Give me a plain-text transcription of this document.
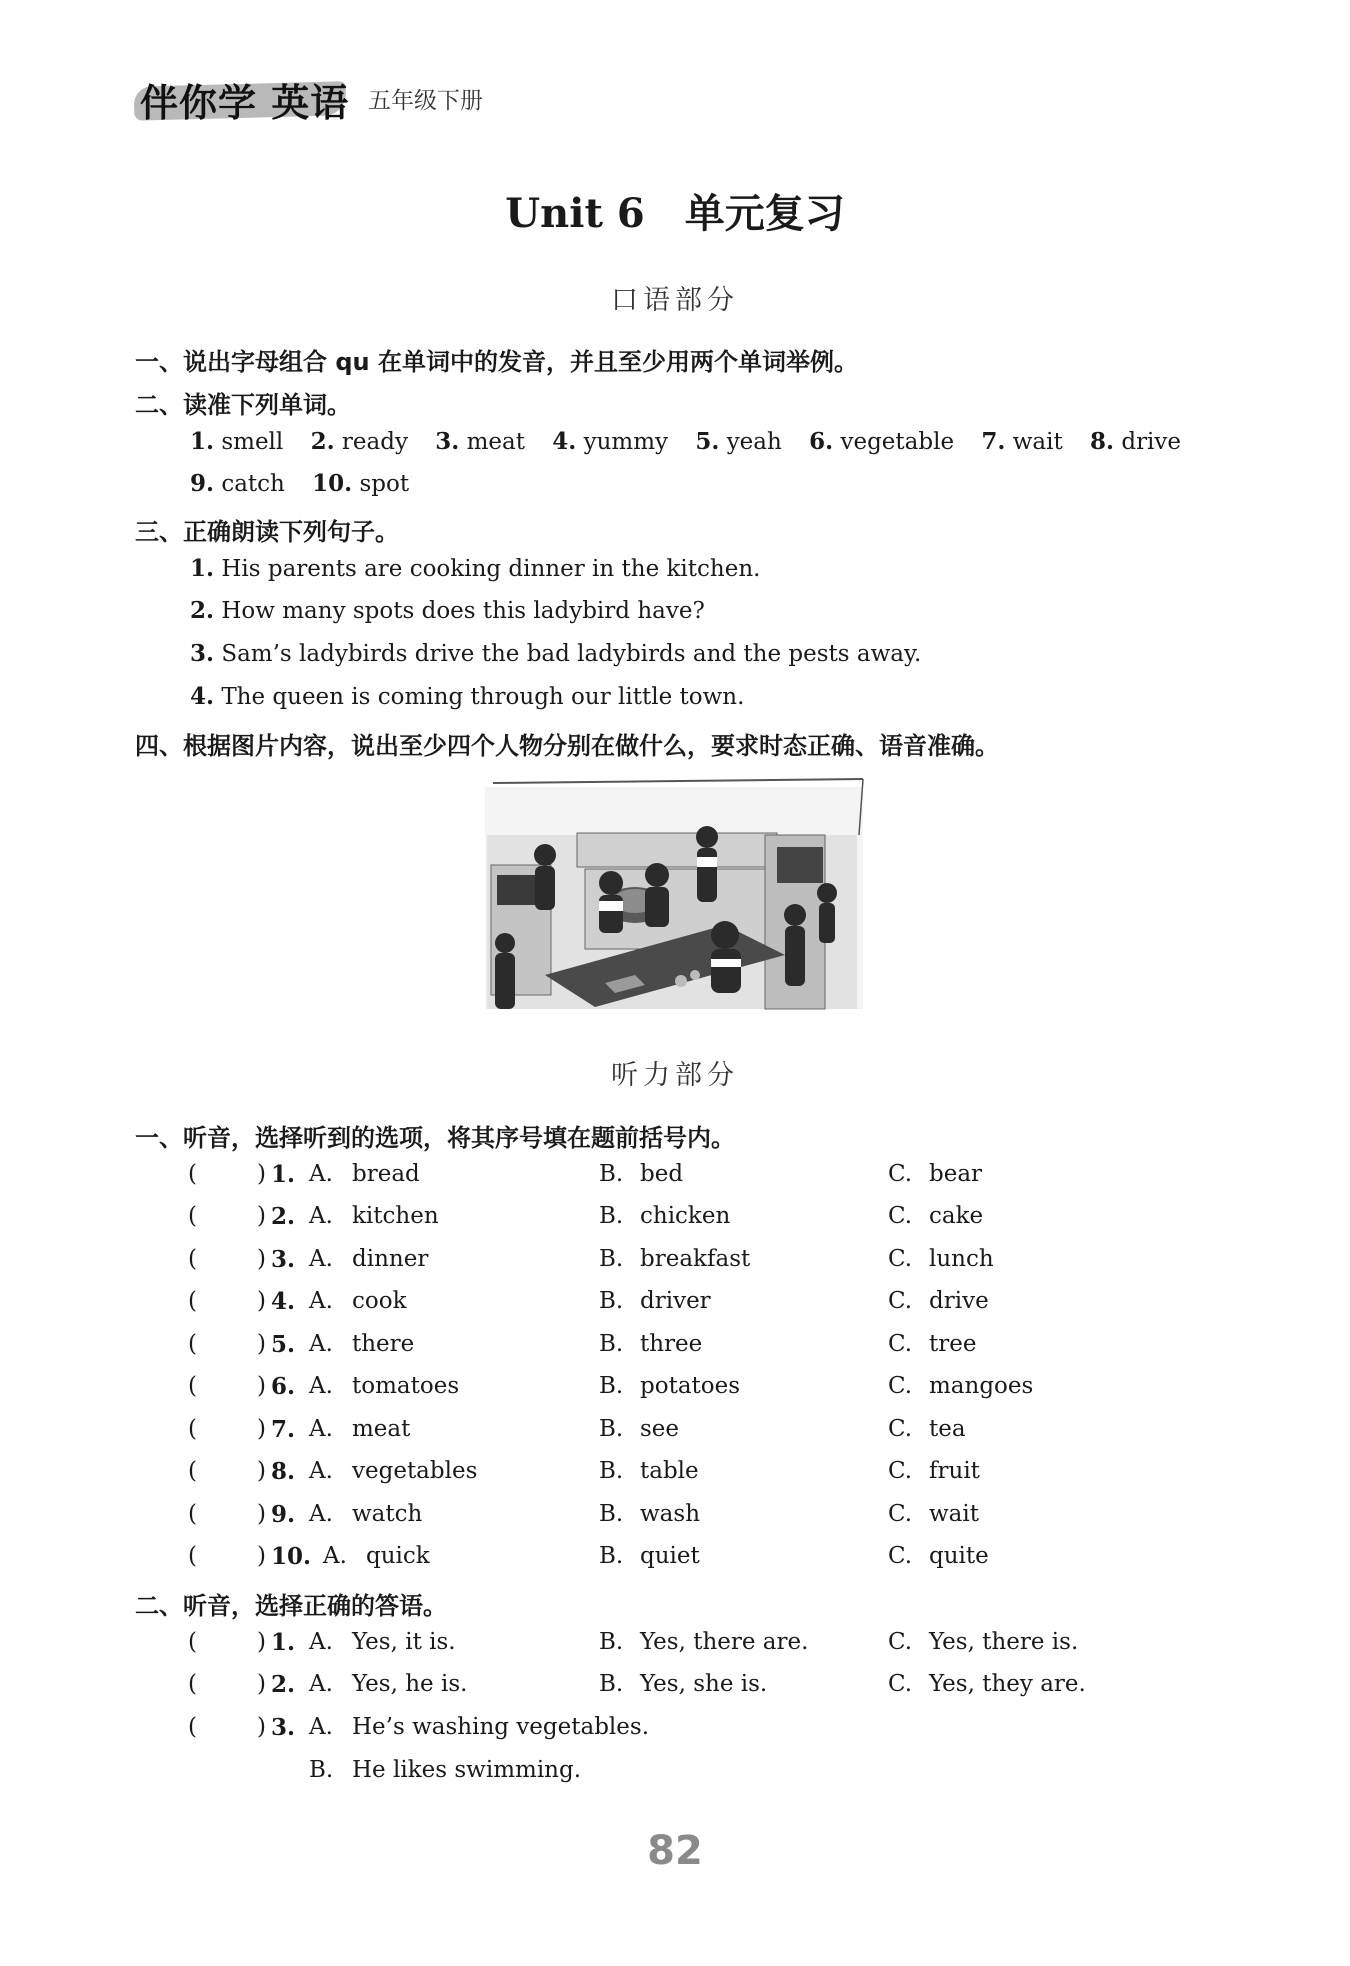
伴你学 英语 五年级下册
Unit 6　单元复习
口语部分
一、说出字母组合 qu 在单词中的发音，并且至少用两个单词举例。
二、读准下列单词。
1. smell 2. ready 3. meat 4. yummy 5. yeah 6. vegetable 7. wait 8. drive
9. catch 10. spot
三、正确朗读下列句子。
1. His parents are cooking dinner in the kitchen.
2. How many spots does this ladybird have?
3. Sam’s ladybirds drive the bad ladybirds and the pests away.
4. The queen is coming through our little town.
四、根据图片内容，说出至少四个人物分别在做什么，要求时态正确、语音准确。
听力部分
一、听音，选择听到的选项，将其序号填在题前括号内。
(	) 1. A. bread	B. bed	C. bear
(	) 2. A. kitchen	B. chicken	C. cake
(	) 3. A. dinner	B. breakfast	C. lunch
(	) 4. A. cook	B. driver	C. drive
(	) 5. A. there	B. three	C. tree
(	) 6. A. tomatoes	B. potatoes	C. mangoes
(	) 7. A. meat	B. see	C. tea
(	) 8. A. vegetables	B. table	C. fruit
(	) 9. A. watch	B. wash	C. wait
(	) 10. A. quick	B. quiet	C. quite
二、听音，选择正确的答语。
(	) 1. A. Yes, it is.	B. Yes, there are.	C. Yes, there is.
(	) 2. A. Yes, he is.	B. Yes, she is.	C. Yes, they are.
(	) 3. A. He’s washing vegetables.
B. He likes swimming.
82
